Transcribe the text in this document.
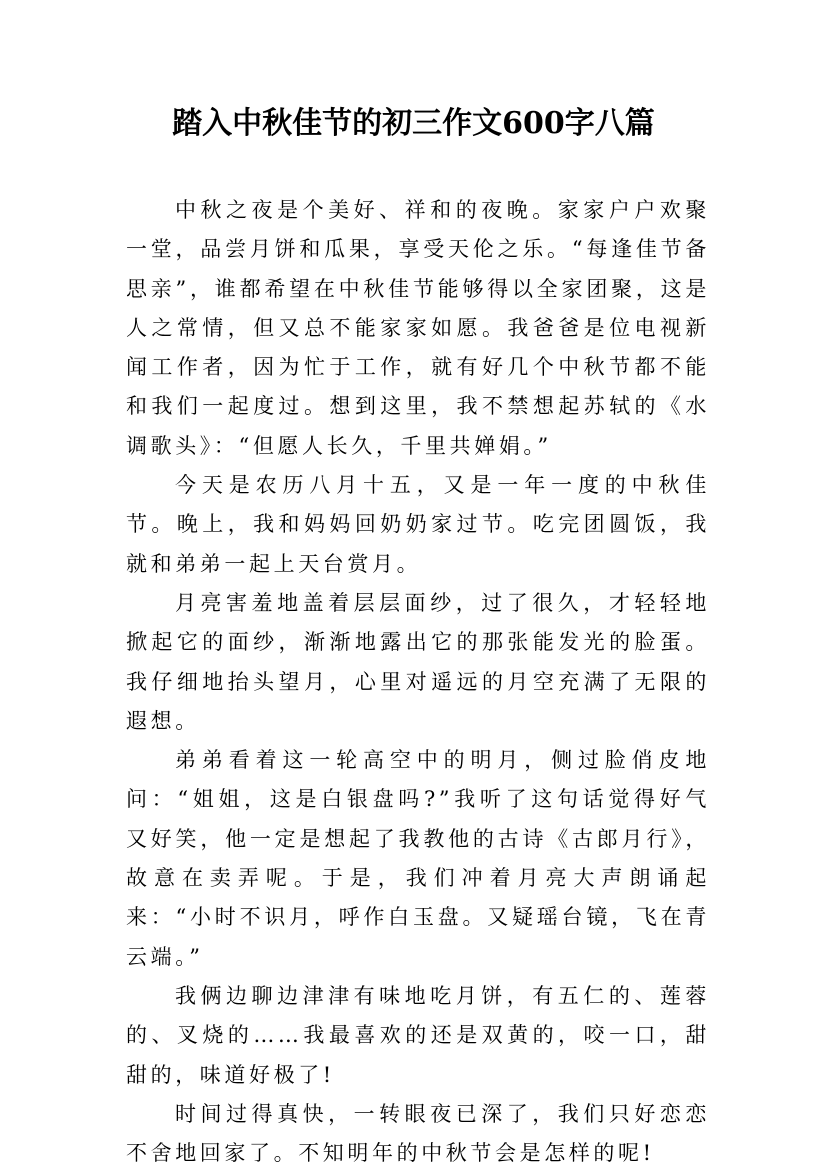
踏入中秋佳节的初三作文600字八篇

中秋之夜是个美好、祥和的夜晚。家家户户欢聚一堂，品尝月饼和瓜果，享受天伦之乐。“每逢佳节备思亲”，谁都希望在中秋佳节能够得以全家团聚，这是人之常情，但又总不能家家如愿。我爸爸是位电视新闻工作者，因为忙于工作，就有好几个中秋节都不能和我们一起度过。想到这里，我不禁想起苏轼的《水调歌头》：“但愿人长久，千里共婵娟。”

今天是农历八月十五，又是一年一度的中秋佳节。晚上，我和妈妈回奶奶家过节。吃完团圆饭，我就和弟弟一起上天台赏月。

月亮害羞地盖着层层面纱，过了很久，才轻轻地掀起它的面纱，渐渐地露出它的那张能发光的脸蛋。我仔细地抬头望月，心里对遥远的月空充满了无限的遐想。

弟弟看着这一轮高空中的明月，侧过脸俏皮地问：“姐姐，这是白银盘吗?”我听了这句话觉得好气又好笑，他一定是想起了我教他的古诗《古郎月行》，故意在卖弄呢。于是，我们冲着月亮大声朗诵起来：“小时不识月，呼作白玉盘。又疑瑶台镜，飞在青云端。”

我俩边聊边津津有味地吃月饼，有五仁的、莲蓉的、叉烧的……我最喜欢的还是双黄的，咬一口，甜甜的，味道好极了!

时间过得真快，一转眼夜已深了，我们只好恋恋不舍地回家了。不知明年的中秋节会是怎样的呢!
